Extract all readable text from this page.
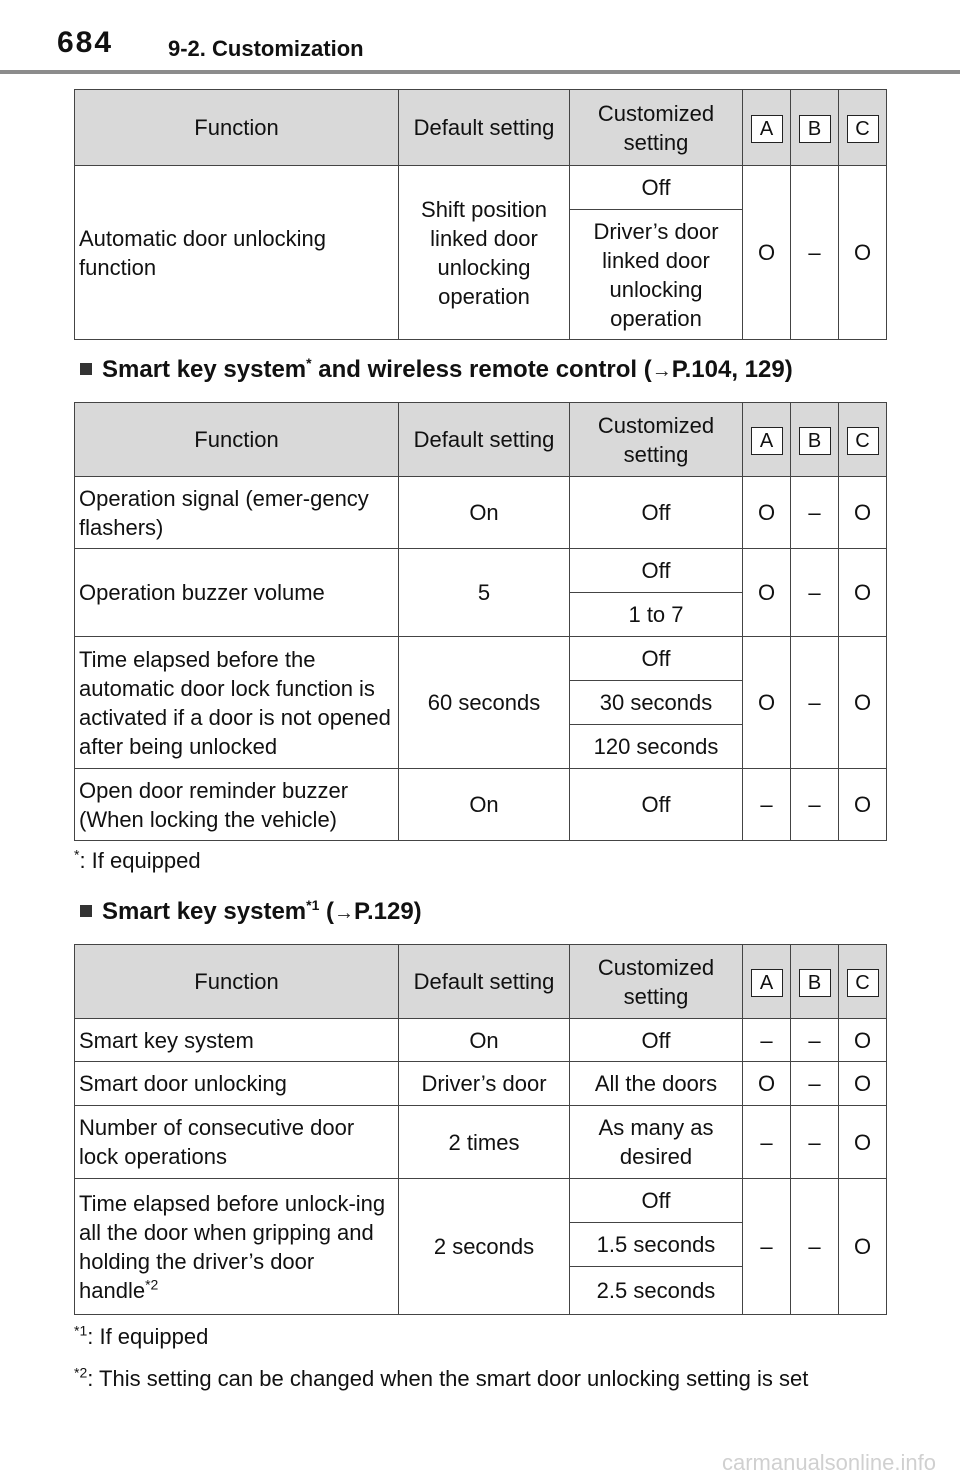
684 9-2. Customization
Function	Default setting	Customized setting	A	B	C
Automatic door unlocking function	Shift position linked door unlocking operation	Off	O	–	O
		Driver’s door linked door unlocking operation			
Smart key system* and wireless remote control (→P.104, 129)
Function	Default setting	Customized setting	A	B	C
Operation signal (emer-gency flashers)	On	Off	O	–	O
Operation buzzer volume	5	Off	O	–	O
		1 to 7			
Time elapsed before the automatic door lock function is activated if a door is not opened after being unlocked	60 seconds	Off	O	–	O
		30 seconds			
		120 seconds			
Open door reminder buzzer (When locking the vehicle)	On	Off	–	–	O
*: If equipped
Smart key system$^{*1}$ (→P.129)
Function	Default setting	Customized setting	A	B	C
Smart key system	On	Off	–	–	O
Smart door unlocking	Driver’s door	All the doors	O	–	O
Number of consecutive door lock operations	2 times	As many as desired	–	–	O
Time elapsed before unlock-ing all the door when gripping and holding the driver’s door handle$^{*2}$	2 seconds	Off	–	–	O
		1.5 seconds			
		2.5 seconds			
$^{*1}$: If equipped
$^{*2}$: This setting can be changed when the smart door unlocking setting is set
carmanualsonline.info
